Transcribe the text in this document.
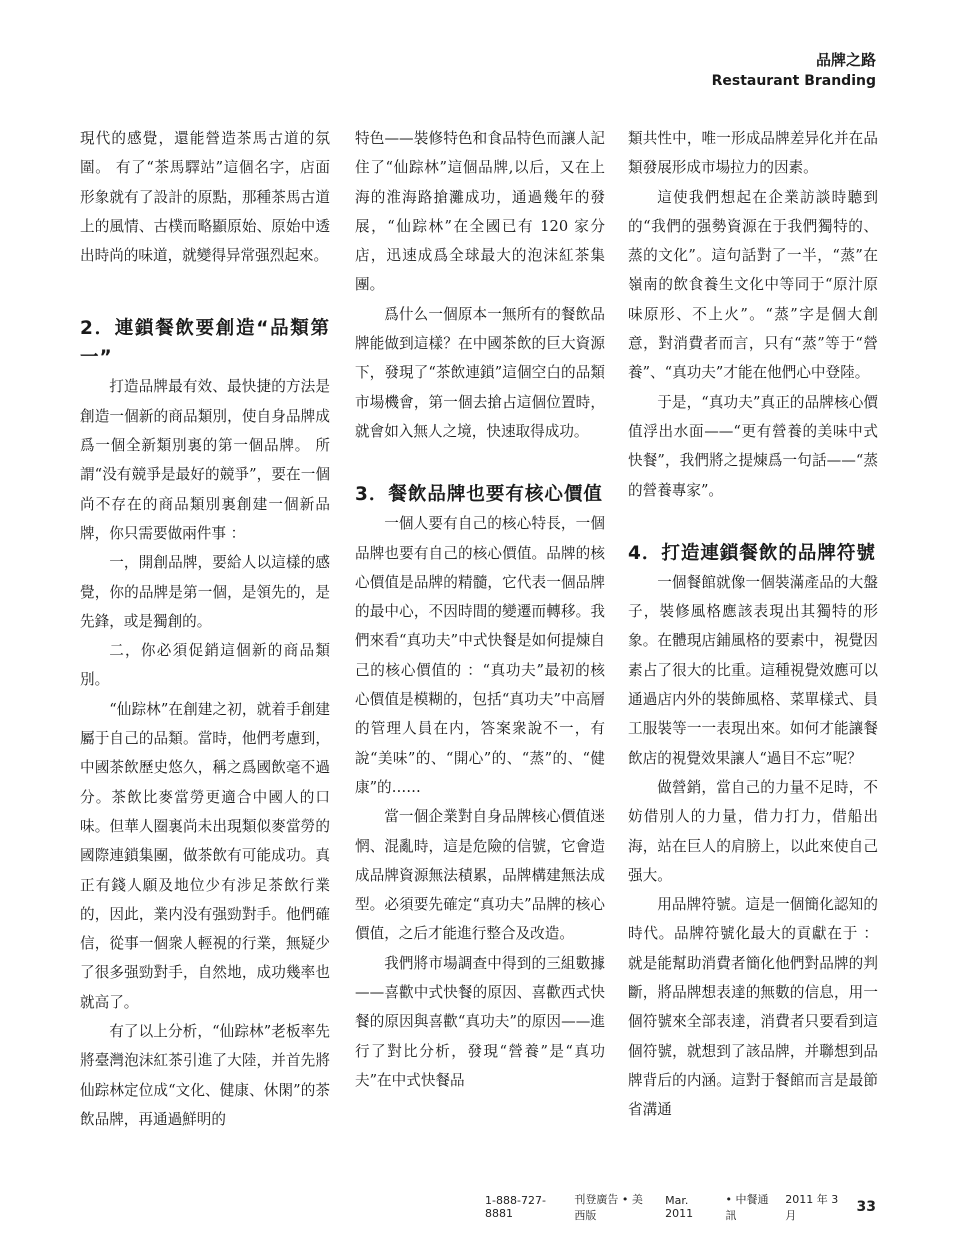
品牌之路
Restaurant Branding

現代的感覺，還能營造茶馬古道的氛圍。 有了“茶馬驛站”這個名字，店面形象就有了設計的原點，那種茶馬古道上的風情、古樸而略顯原始、原始中透出時尚的味道，就變得异常强烈起來。

2．連鎖餐飲要創造“品類第一”

打造品牌最有效、最快捷的方法是創造一個新的商品類別，使自身品牌成爲一個全新類別裏的第一個品牌。 所謂“没有競爭是最好的競爭”，要在一個尚不存在的商品類別裏創建一個新品牌，你只需要做兩件事 ：

一，開創品牌，要給人以這樣的感覺，你的品牌是第一個，是領先的，是先鋒，或是獨創的。

二，你必須促銷這個新的商品類別。

“仙踪林”在創建之初，就着手創建屬于自己的品類。當時，他們考慮到，中國茶飲歷史悠久，稱之爲國飲毫不過分。茶飲比麥當勞更適合中國人的口味。但華人圈裏尚未出現類似麥當勞的國際連鎖集團，做茶飲有可能成功。真正有錢人願及地位少有涉足茶飲行業的，因此，業内没有强勁對手。他們確信，從事一個衆人輕視的行業，無疑少了很多强勁對手，自然地，成功幾率也就高了。

有了以上分析，“仙踪林”老板率先將臺灣泡沫紅茶引進了大陸，并首先將仙踪林定位成“文化、健康、休閑”的茶飲品牌，再通過鮮明的

特色——裝修特色和食品特色而讓人記住了“仙踪林”這個品牌,以后，又在上海的淮海路搶灘成功，通過幾年的發展，“仙踪林”在全國已有 120 家分店，迅速成爲全球最大的泡沫紅茶集團。

爲什么一個原本一無所有的餐飲品牌能做到這樣？在中國茶飲的巨大資源下，發現了“茶飲連鎖”這個空白的品類市場機會，第一個去搶占這個位置時，就會如入無人之境，快速取得成功。

3．餐飲品牌也要有核心價值

一個人要有自己的核心特長，一個品牌也要有自己的核心價值。品牌的核心價值是品牌的精髓，它代表一個品牌的最中心，不因時間的變遷而轉移。我們來看“真功夫”中式快餐是如何提煉自己的核心價值的 ：“真功夫”最初的核心價值是模糊的，包括“真功夫”中高層的管理人員在内，答案衆說不一，有說“美味”的、“開心”的、“蒸”的、“健康”的……

當一個企業對自身品牌核心價值迷惘、混亂時，這是危險的信號，它會造成品牌資源無法積累，品牌構建無法成型。必須要先確定“真功夫”品牌的核心價值，之后才能進行整合及改造。

我們將市場調查中得到的三組數據——喜歡中式快餐的原因、喜歡西式快餐的原因與喜歡“真功夫”的原因——進行了對比分析，發現“營養”是“真功夫”在中式快餐品

類共性中，唯一形成品牌差异化并在品類發展形成市場拉力的因素。

這使我們想起在企業訪談時聽到的“我們的强勢資源在于我們獨特的、蒸的文化”。這句話對了一半，“蒸”在嶺南的飲食養生文化中等同于“原汁原味原形、不上火”。“蒸”字是個大創意，對消費者而言，只有“蒸”等于“營養”、“真功夫”才能在他們心中登陸。

于是，“真功夫”真正的品牌核心價值浮出水面——“更有營養的美味中式快餐”，我們將之提煉爲一句話——“蒸的營養專家”。

4．打造連鎖餐飲的品牌符號

一個餐館就像一個裝滿產品的大盤子，裝修風格應該表現出其獨特的形象。在體現店鋪風格的要素中，視覺因素占了很大的比重。這種視覺效應可以通過店内外的裝飾風格、菜單樣式、員工服裝等一一表現出來。如何才能讓餐飲店的視覺效果讓人“過目不忘”呢？

做營銷，當自己的力量不足時，不妨借別人的力量，借力打力，借船出海，站在巨人的肩膀上，以此來使自己强大。

用品牌符號。這是一個簡化認知的時代。品牌符號化最大的貢獻在于 ：就是能幫助消費者簡化他們對品牌的判斷，將品牌想表達的無數的信息，用一個符號來全部表達，消費者只要看到這個符號，就想到了該品牌，并聯想到品牌背后的内涵。這對于餐館而言是最節省溝通

1-888-727-8881
刊登廣告 • 美西版
Mar. 2011
• 中餐通訊
2011 年 3 月
33
